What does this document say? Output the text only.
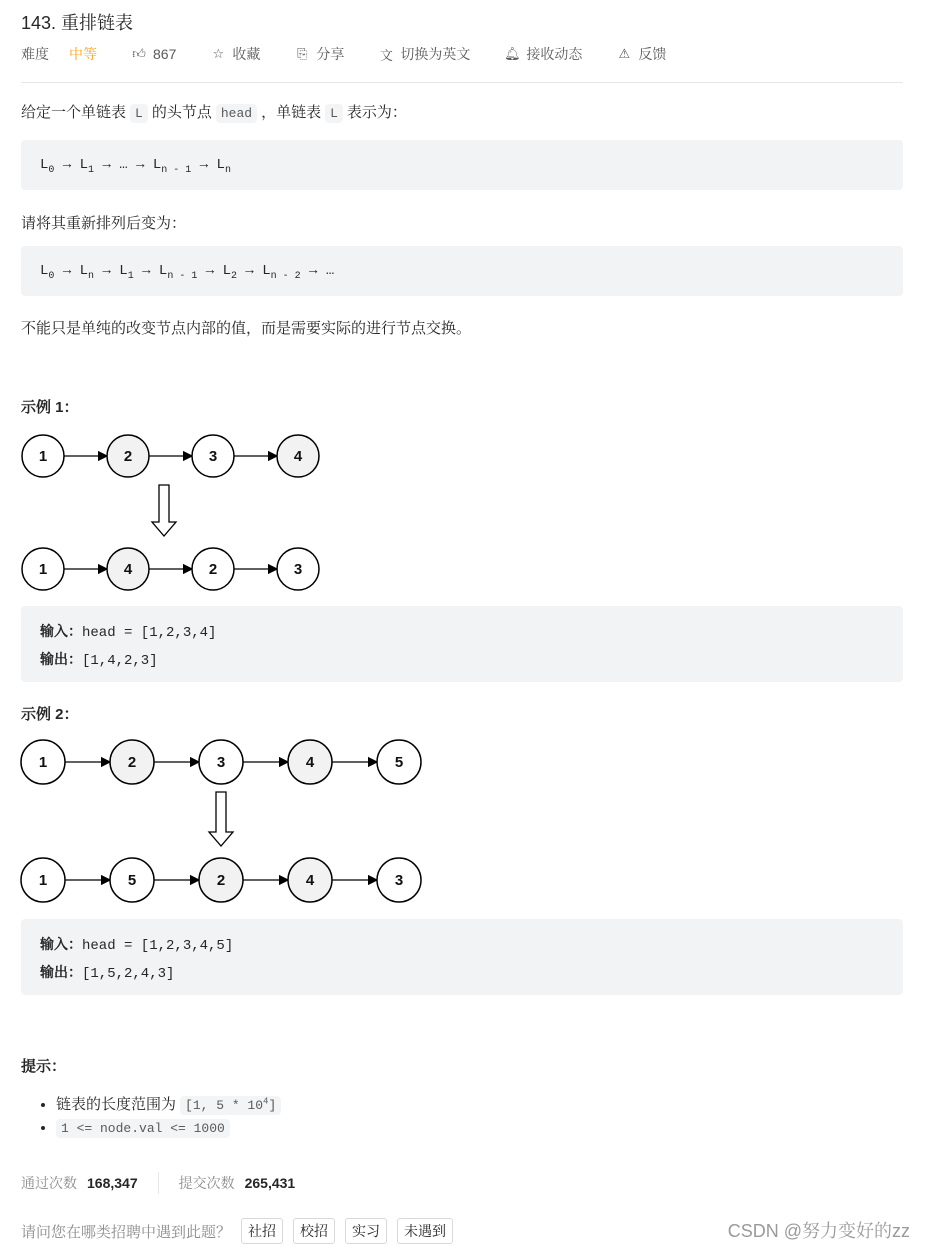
143. 重排链表
难度 中等	👍︎ 867	☆ 收藏	⎘ 分享	文 切换为英文	🔔︎ 接收动态	⚠︎ 反馈
给定一个单链表 L 的头节点 head ，单链表 L 表示为：
$L_0 \to L_1$ → … → $L_{n - 1} \to L_n$
请将其重新排列后变为：
$L_0 \to L_n \to L_1 \to L_{n - 1} \to L_2 \to L_{n - 2}$ → …
不能只是单纯的改变节点内部的值，而是需要实际的进行节点交换。
示例 1：
1	2	3	4
1	4	2	3
输入：head = [1,2,3,4]
输出：[1,4,2,3]
示例 2：
1	2	3	4	5
1	5	2	4	3
输入：head = [1,2,3,4,5]
输出：[1,5,2,4,3]
提示：
• 链表的长度范围为 [1, $5 * 10^4$]
• 1 <= node.val <= 1000
通过次数 168,347	提交次数 265,431
请问您在哪类招聘中遇到此题？	社招	校招	实习	未遇到	CSDN @努力变好的zz
